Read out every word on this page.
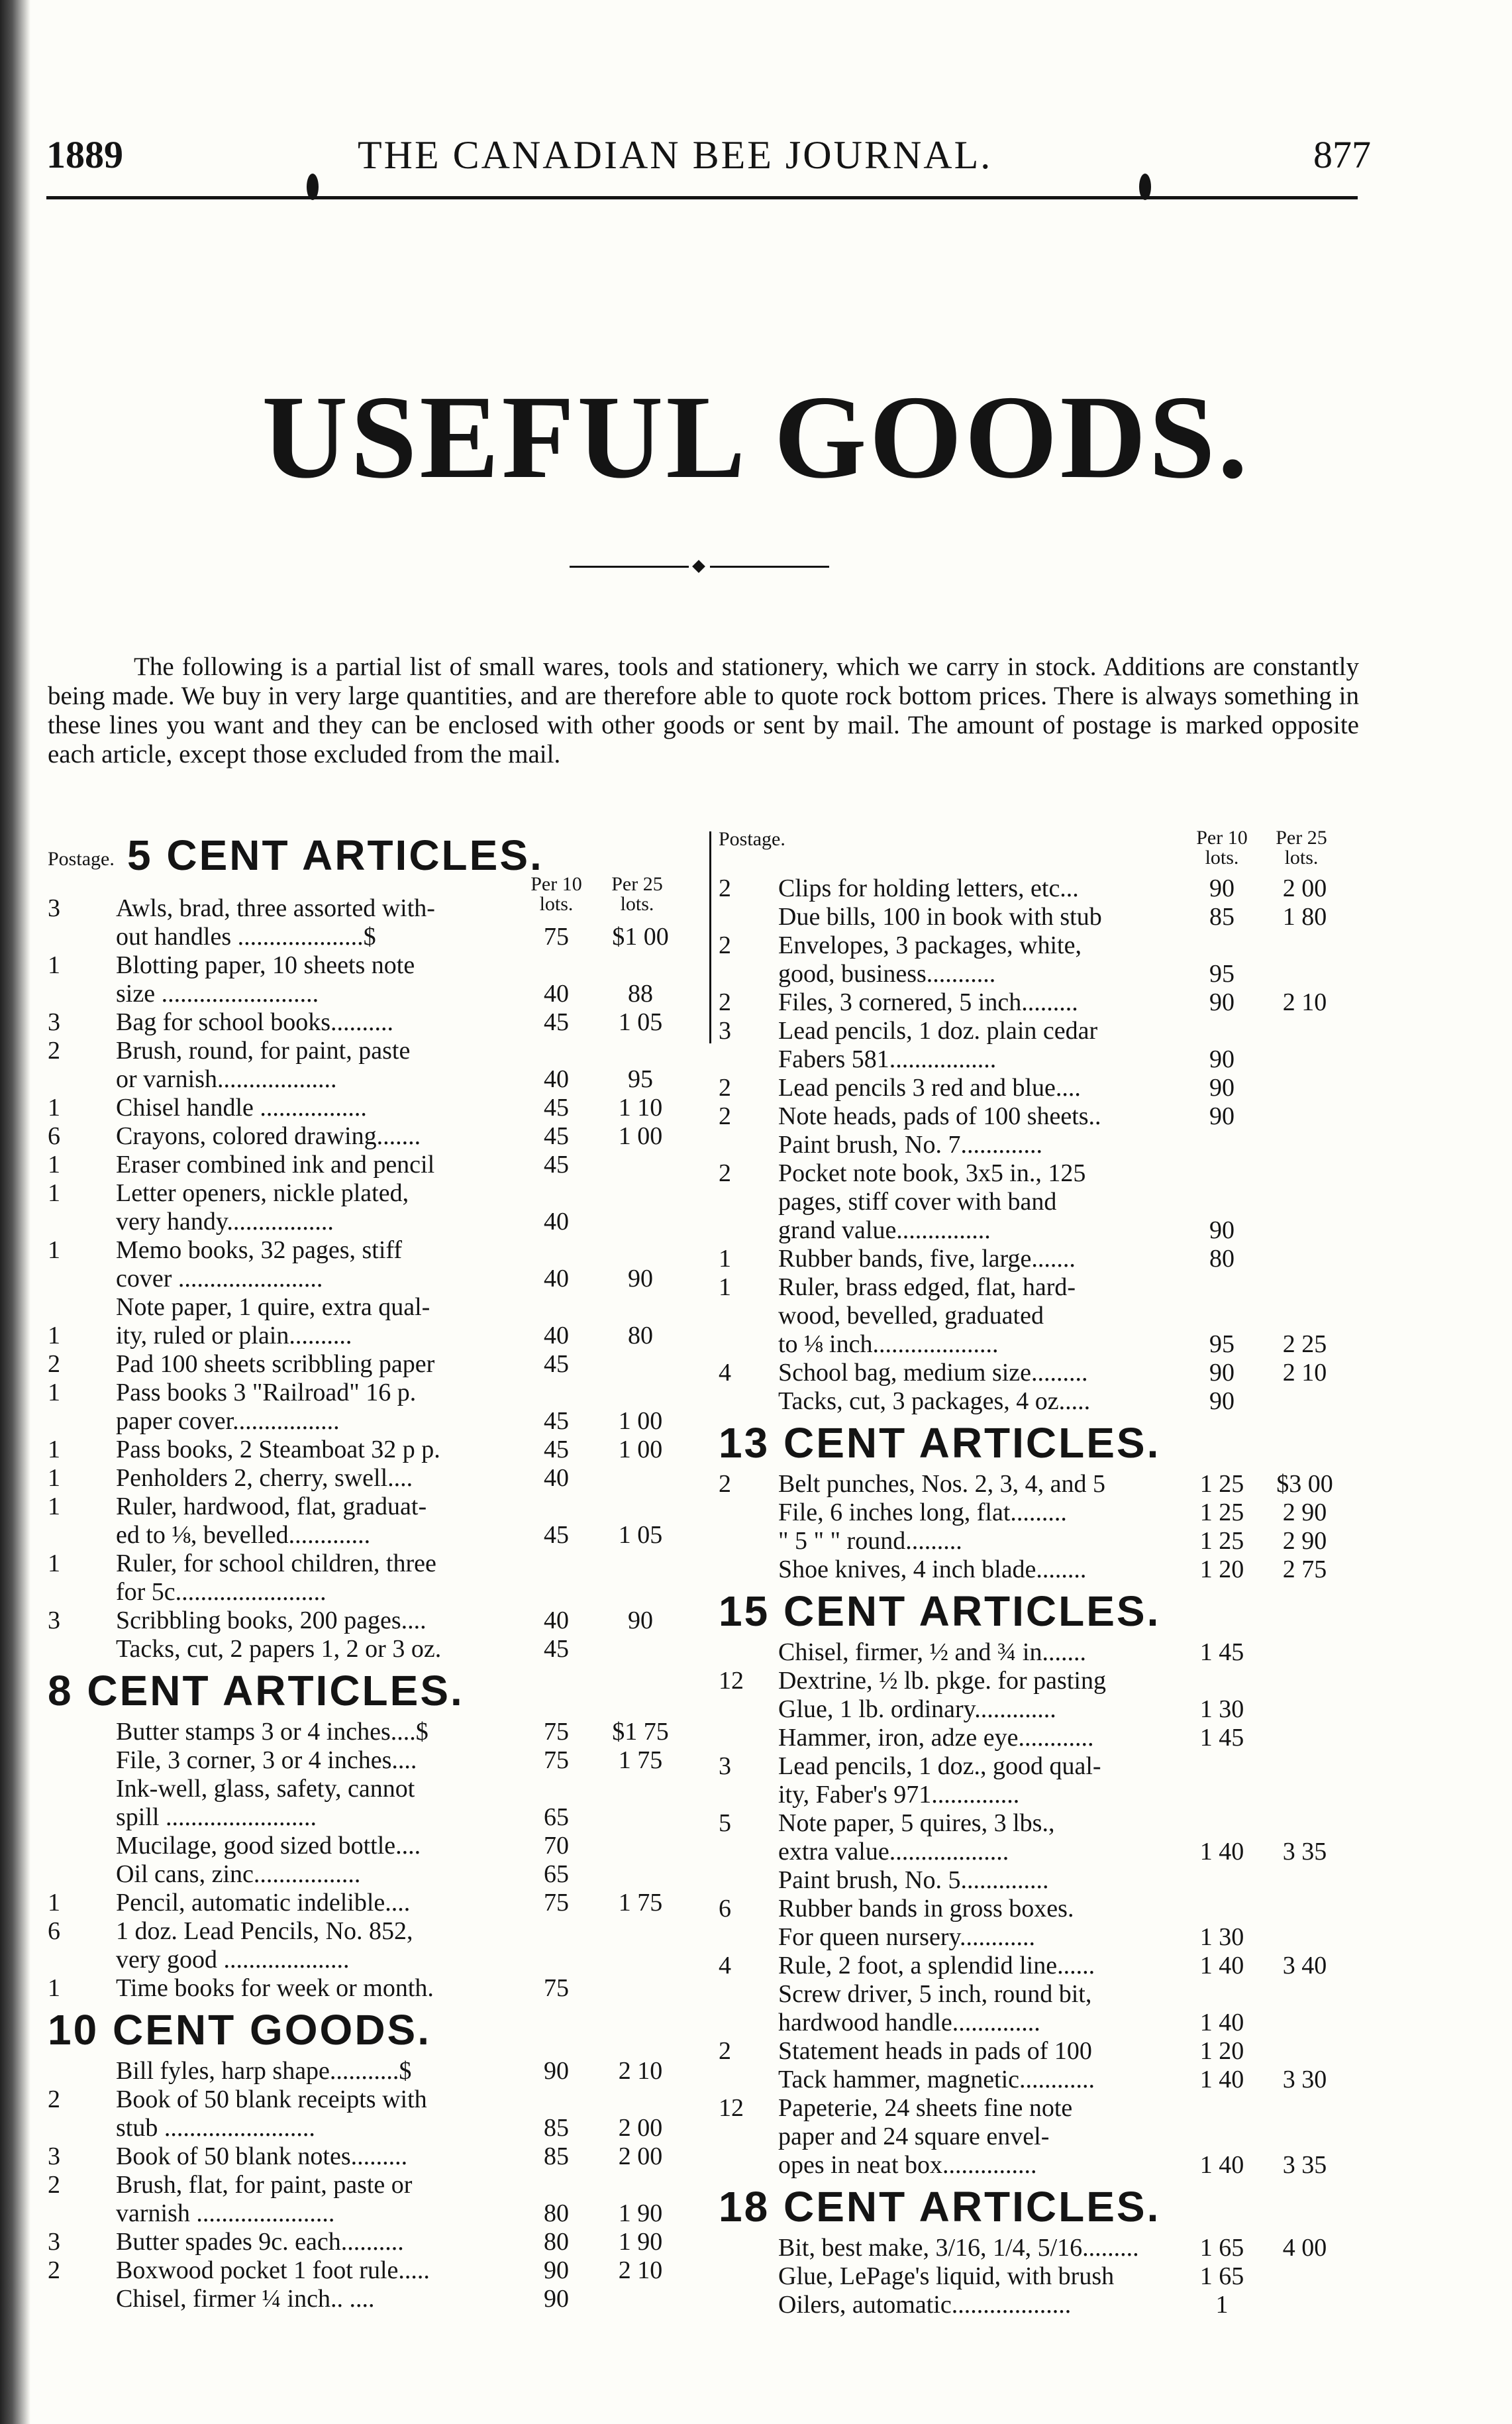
1889	THE CANADIAN BEE JOURNAL.	877
USEFUL GOODS.

The following is a partial list of small wares, tools and stationery, which we carry in stock. Additions are constantly being made. We buy in very large quantities, and are therefore able to quote rock bottom prices. There is always something in these lines you want and they can be enclosed with other goods or sent by mail. The amount of postage is marked opposite each article, except those excluded from the mail.

Postage.
Per 10
lots.
Per 25
lots.
5 CENT ARTICLES.
3	Awls, brad, three assorted with-
out handles ....................$	75	$1 00
1	Blotting paper, 10 sheets note
size .........................	40	88
3	Bag for school books..........	45	1 05
2	Brush, round, for paint, paste
or varnish...................	40	95
1	Chisel handle .................	45	1 10
6	Crayons, colored drawing.......	45	1 00
1	Eraser combined ink and pencil	45
1	Letter openers, nickle plated,
very handy.................	40
1	Memo books, 32 pages, stiff
cover .......................	40	90
Note paper, 1 quire, extra qual-
1	ity, ruled or plain..........	40	80
2	Pad 100 sheets scribbling paper	45
1	Pass books 3 "Railroad" 16 p.
paper cover.................	45	1 00
1	Pass books, 2 Steamboat 32 p p.	45	1 00
1	Penholders 2, cherry, swell....	40
1	Ruler, hardwood, flat, graduat-
ed to ⅛, bevelled.............	45	1 05
1	Ruler, for school children, three
for 5c........................
3	Scribbling books, 200 pages....	40	90
Tacks, cut, 2 papers 1, 2 or 3 oz.	45
8 CENT ARTICLES.
Butter stamps 3 or 4 inches....$	75	$1 75
File, 3 corner, 3 or 4 inches....	75	1 75
Ink-well, glass, safety, cannot
spill ........................	65
Mucilage, good sized bottle....	70
Oil cans, zinc.................	65
1	Pencil, automatic indelible....	75	1 75
6	1 doz. Lead Pencils, No. 852,
very good ....................
1	Time books for week or month.	75
10 CENT GOODS.
Bill fyles, harp shape...........$	90	2 10
2	Book of 50 blank receipts with
stub ........................	85	2 00
3	Book of 50 blank notes.........	85	2 00
2	Brush, flat, for paint, paste or
varnish ......................	80	1 90
3	Butter spades 9c. each..........	80	1 90
2	Boxwood pocket 1 foot rule.....	90	2 10
Chisel, firmer ¼ inch.. ....	90
Postage.	Per 10
lots.
Per 25
lots.
2	Clips for holding letters, etc...	90	2 00
Due bills, 100 in book with stub	85	1 80
2	Envelopes, 3 packages, white,
good, business...........	95
2	Files, 3 cornered, 5 inch.........	90	2 10
3	Lead pencils, 1 doz. plain cedar
Fabers 581.................	90
2	Lead pencils 3 red and blue....	90
2	Note heads, pads of 100 sheets..	90
Paint brush, No. 7.............
2	Pocket note book, 3x5 in., 125
pages, stiff cover with band
grand value...............	90
1	Rubber bands, five, large.......	80
1	Ruler, brass edged, flat, hard-
wood, bevelled, graduated
to ⅛ inch....................	95	2 25
4	School bag, medium size.........	90	2 10
Tacks, cut, 3 packages, 4 oz.....	90
13 CENT ARTICLES.
2	Belt punches, Nos. 2, 3, 4, and 5	1 25	$3 00
File, 6 inches long, flat.........	1 25	2 90
" 5 " " round.........	1 25	2 90
Shoe knives, 4 inch blade........	1 20	2 75
15 CENT ARTICLES.
Chisel, firmer, ½ and ¾ in.......	1 45
12	Dextrine, ½ lb. pkge. for pasting
Glue, 1 lb. ordinary.............	1 30
Hammer, iron, adze eye............	1 45
3	Lead pencils, 1 doz., good qual-
ity, Faber's 971..............
5	Note paper, 5 quires, 3 lbs.,
extra value...................	1 40	3 35
Paint brush, No. 5..............
6	Rubber bands in gross boxes.
For queen nursery............	1 30
4	Rule, 2 foot, a splendid line......	1 40	3 40
Screw driver, 5 inch, round bit,
hardwood handle..............	1 40
2	Statement heads in pads of 100	1 20
Tack hammer, magnetic............	1 40	3 30
12	Papeterie, 24 sheets fine note
paper and 24 square envel-
opes in neat box...............	1 40	3 35
18 CENT ARTICLES.
Bit, best make, 3/16, 1/4, 5/16.........	1 65	4 00
Glue, LePage's liquid, with brush	1 65
Oilers, automatic...................	1
